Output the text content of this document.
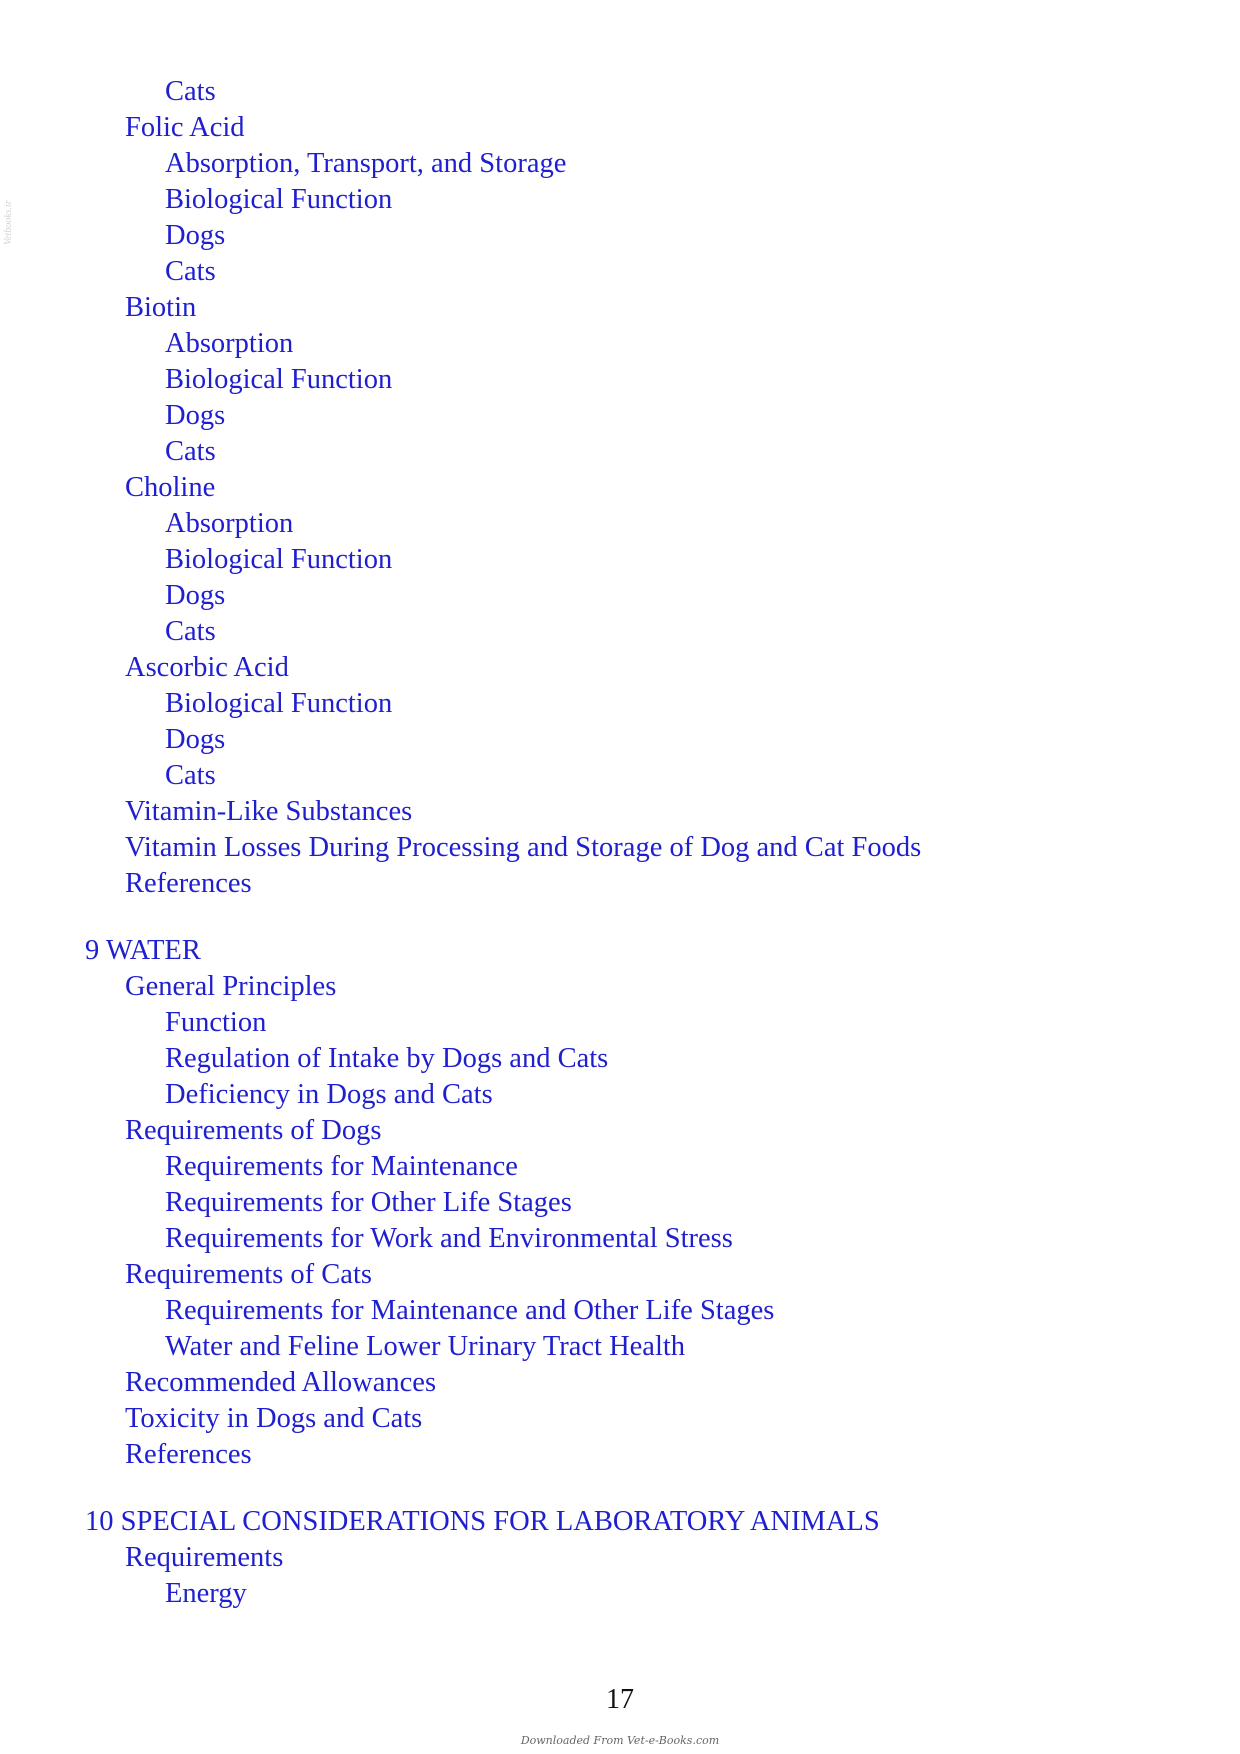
Cats
Folic Acid
Absorption, Transport, and Storage
Biological Function
Dogs
Cats
Biotin
Absorption
Biological Function
Dogs
Cats
Choline
Absorption
Biological Function
Dogs
Cats
Ascorbic Acid
Biological Function
Dogs
Cats
Vitamin-Like Substances
Vitamin Losses During Processing and Storage of Dog and Cat Foods
References
9 WATER
General Principles
Function
Regulation of Intake by Dogs and Cats
Deficiency in Dogs and Cats
Requirements of Dogs
Requirements for Maintenance
Requirements for Other Life Stages
Requirements for Work and Environmental Stress
Requirements of Cats
Requirements for Maintenance and Other Life Stages
Water and Feline Lower Urinary Tract Health
Recommended Allowances
Toxicity in Dogs and Cats
References
10 SPECIAL CONSIDERATIONS FOR LABORATORY ANIMALS
Requirements
Energy
Vetbooks.ir
17
Downloaded From Vet-e-Books.com
